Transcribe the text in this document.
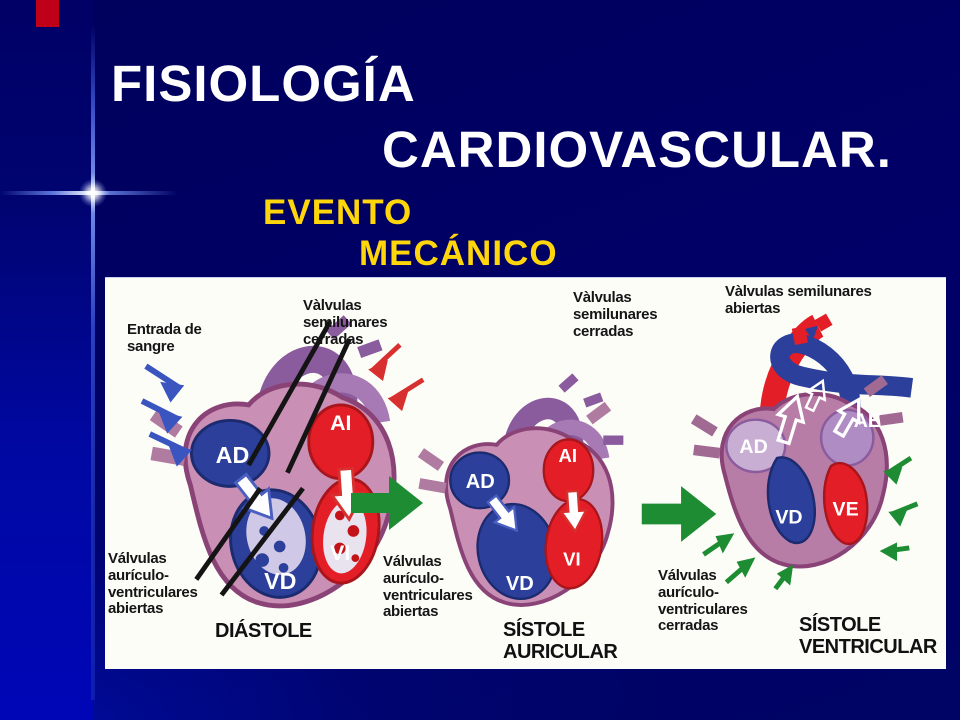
FISIOLOGÍA
CARDIOVASCULAR.
EVENTO
MECÁNICO
AD
AI
VD
VI
Entrada de sangre
Vàlvulas semilunares cerradas
Válvulas aurículo-ventriculares abiertas
DIÁSTOLE
AD
AI
VD
VI
Vàlvulas semilunares cerradas
Válvulas aurículo-ventriculares abiertas
SÍSTOLE AURICULAR
AD
AE
VD VE
Vàlvulas semilunares abiertas
Válvulas aurículo-ventriculares cerradas	SÍSTOLE VENTRICULAR
